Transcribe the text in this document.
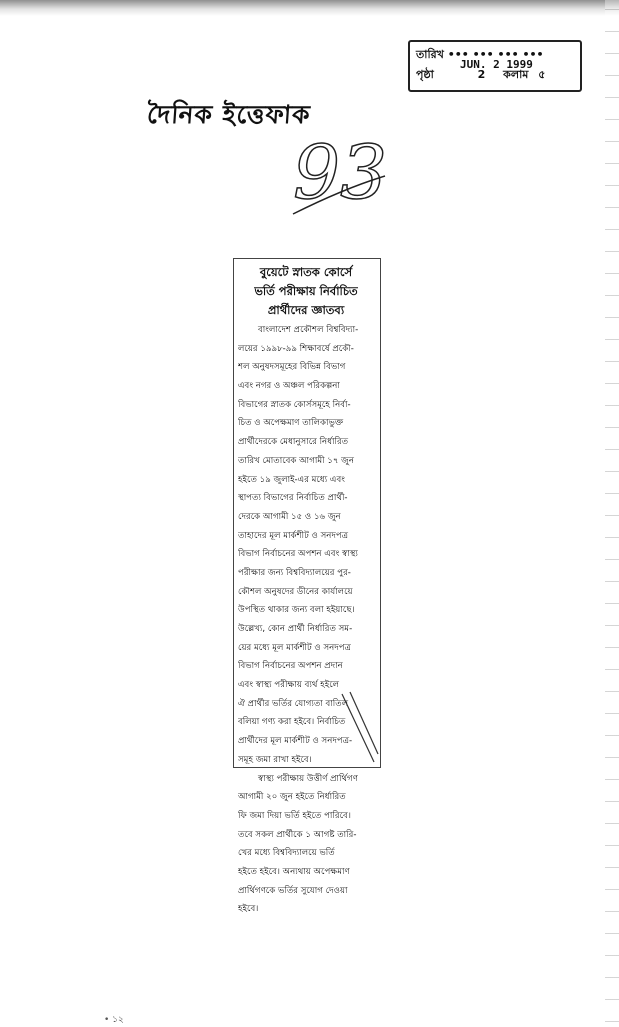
তারিখ ••• ••• ••• •••
JUN. 2 1999
পৃষ্ঠা	2 কলাম ৫
দৈনিক ইত্তেফাক
93
বুয়েটে স্নাতক কোর্সে
ভর্তি পরীক্ষায় নির্বাচিত
প্রার্থীদের জ্ঞাতব্য
বাংলাদেশ প্রকৌশল বিশ্ববিদ্যা-
লয়ের ১৯৯৮-৯৯ শিক্ষাবর্ষে প্রকৌ-
শল অনুষদসমূহের বিভিন্ন বিভাগ
এবং নগর ও অঞ্চল পরিকল্পনা
বিভাগের স্নাতক কোর্সসমূহে নির্বা-
চিত ও অপেক্ষমাণ তালিকাভুক্ত
প্রার্থীদেরকে মেধানুসারে নির্ধারিত
তারিখ মোতাবেক আগামী ১৭ জুন
হইতে ১৯ জুলাই-এর মধ্যে এবং
স্থাপত্য বিভাগের নির্বাচিত প্রার্থী-
দেরকে আগামী ১৫ ও ১৬ জুন
তাহাদের মূল মার্কশীট ও সনদপত্র
বিভাগ নির্বাচনের অপশন এবং স্বাস্থ্য
পরীক্ষার জন্য বিশ্ববিদ্যালয়ের পুর-
কৌশল অনুষদের ডীনের কার্যালয়ে
উপস্থিত থাকার জন্য বলা হইয়াছে।
উল্লেখ্য, কোন প্রার্থী নির্ধারিত সম-
য়ের মধ্যে মূল মার্কশীট ও সনদপত্র
বিভাগ নির্বাচনের অপশন প্রদান
এবং স্বাস্থ্য পরীক্ষায় ব্যর্থ হইলে
ঐ প্রার্থীর ভর্তির যোগ্যতা বাতিল
বলিয়া গণ্য করা হইবে। নির্বাচিত
প্রার্থীদের মূল মার্কশীট ও সনদপত্র-
সমূহ জমা রাখা হইবে।
স্বাস্থ্য পরীক্ষায় উত্তীর্ণ প্রার্থিগণ
আগামী ২০ জুন হইতে নির্ধারিত
ফি জমা দিয়া ভর্তি হইতে পারিবে।
তবে সকল প্রার্থীকে ১ আগষ্ট তারি-
খের মধ্যে বিশ্ববিদ্যালয়ে ভর্তি
হইতে হইবে। অন্যথায় অপেক্ষমাণ
প্রার্থিগণকে ভর্তির সুযোগ দেওয়া
হইবে।
• ১২
